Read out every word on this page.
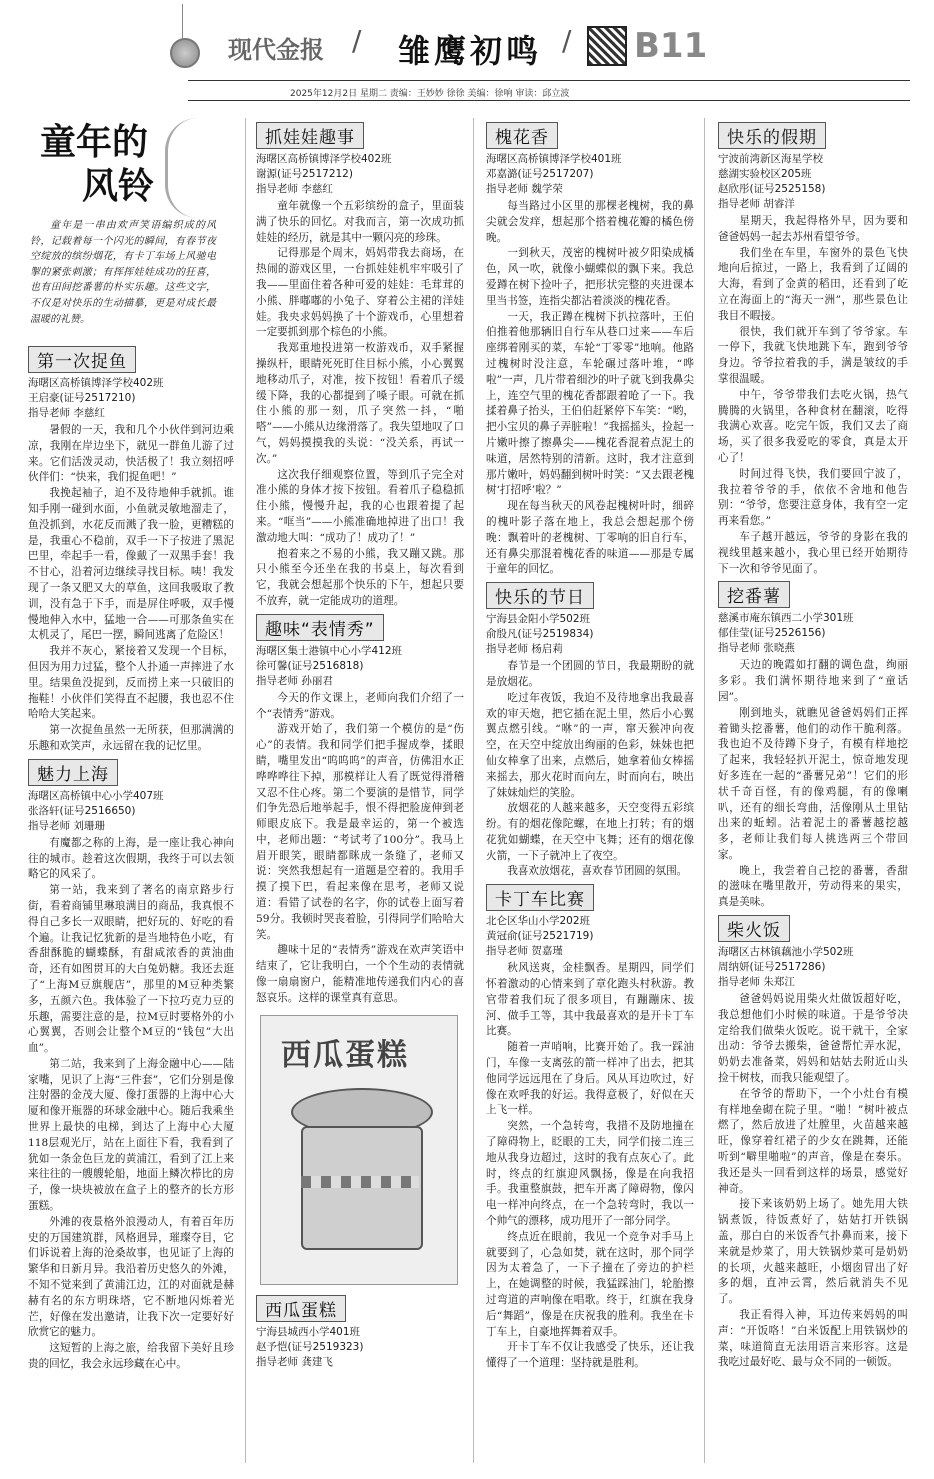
现代金报 / 雏鹰初鸣 / B11
2025年12月2日 星期二 责编：王妙妙 徐徐 美编：徐响 审读：邱立波
童年的
风铃

童年是一串由欢声笑语编织成的风铃，记载着每一个闪光的瞬间，有春节夜空绽放的缤纷烟花，有卡丁车场上风驰电掣的紧张刺激；有挥挥娃娃成功的狂喜，也有田间挖番薯的朴实乐趣。这些文字，不仅是对快乐的生动描摹，更是对成长最温暖的礼赞。

第一次捉鱼
海曙区高桥镇博泽学校402班
王启豪(证号2517210)
指导老师 李慈红

暑假的一天，我和几个小伙伴到河边乘凉，我刚在岸边坐下，就见一群鱼儿游了过来。它们活泼灵动，快活极了！我立刻招呼伙伴们：“快来，我们捉鱼吧！”

我挽起袖子，迫不及待地伸手就抓。谁知手刚一碰到水面，小鱼就灵敏地溜走了，鱼没抓到，水花反而溅了我一脸，更糟糕的是，我重心不稳前，双手一下子按进了黑泥巴里，牵起手一看，像戴了一双黑手套！我不甘心，沿着河边继续寻找目标。咦！我发现了一条又肥又大的草鱼，这回我吸取了教训，没有急于下手，而是屏住呼吸，双手慢慢地伸入水中，猛地一合——可那条鱼实在太机灵了，尾巴一摆，瞬间逃离了危险区！

我并不灰心，紧接着又发现一个目标，但因为用力过猛，整个人扑通一声摔进了水里。结果鱼没捉到，反而捞上来一只破旧的拖鞋！小伙伴们笑得直不起腰，我也忍不住哈哈大笑起来。

第一次捉鱼虽然一无所获，但那满满的乐趣和欢笑声，永远留在我的记忆里。

魅力上海
海曙区高桥镇中心小学407班
张洛轩(证号2516650)
指导老师 刘珊珊

有魔都之称的上海，是一座让我心神向往的城市。趁着这次假期，我终于可以去领略它的风采了。

第一站，我来到了著名的南京路步行街，看着商铺里琳琅满目的商品，我真恨不得自己多长一双眼睛，把好玩的、好吃的看个遍。让我记忆犹新的是当地特色小吃，有香甜酥脆的蝴蝶酥，有甜咸浓香的黄油曲奇，还有如图贯耳的大白兔奶糖。我还去逛了“上海M豆旗舰店”，那里的M豆种类繁多，五颜六色。我体验了一下拉巧克力豆的乐趣，需要注意的是，拉M豆时要格外的小心翼翼，否则会让整个M豆的“钱包”大出血”。

第二站，我来到了上海金融中心——陆家嘴，见识了上海“三件套”，它们分别是像注射器的金茂大厦、像打蛋器的上海中心大厦和像开瓶器的环球金融中心。随后我乘坐世界上最快的电梯，到达了上海中心大厦118层观光厅，站在上面往下看，我看到了犹如一条金色巨龙的黄浦江，看到了江上来来往往的一艘艘轮船，地面上鳞次栉比的房子，像一块块被放在盒子上的整齐的长方形蛋糕。

外滩的夜景格外浪漫动人，有着百年历史的万国建筑群，风格迥异，璀璨夺目，它们诉说着上海的沧桑故事，也见证了上海的繁华和日新月异。我沿着历史悠久的外滩，不知不觉来到了黄浦江边，江的对面就是赫赫有名的东方明珠塔，它不断地闪烁着光芒，好像在发出邀请，让我下次一定要好好欣赏它的魅力。

这短暂的上海之旅，给我留下美好且珍贵的回忆，我会永远珍藏在心中。

抓娃娃趣事
海曙区高桥镇博泽学校402班
谢源(证号2517212)
指导老师 李慈红

童年就像一个五彩缤纷的盒子，里面装满了快乐的回忆。对我而言，第一次成功抓娃娃的经历，就是其中一颗闪亮的珍珠。

记得那是个周末，妈妈带我去商场，在热闹的游戏区里，一台抓娃娃机牢牢吸引了我——里面住着各种可爱的娃娃：毛茸茸的小熊、胖嘟嘟的小兔子、穿着公主裙的洋娃娃。我央求妈妈换了十个游戏币，心里想着一定要抓到那个棕色的小熊。

我郑重地投进第一枚游戏币，双手紧握操纵杆，眼睛死死盯住目标小熊，小心翼翼地移动爪子，对准，按下按钮！看着爪子缓缓下降，我的心都提到了嗓子眼。可就在抓住小熊的那一刻，爪子突然一抖，“啪嗒”——小熊从边缘滑落了。我失望地叹了口气，妈妈摸摸我的头说：“没关系，再试一次。”

这次我仔细观察位置，等到爪子完全对准小熊的身体才按下按钮。看着爪子稳稳抓住小熊，慢慢升起，我的心也跟着提了起来。“哐当”——小熊准确地掉进了出口！我激动地大叫：“成功了！成功了！”

抱着来之不易的小熊，我又蹦又跳。那只小熊至今还坐在我的书桌上，每次看到它，我就会想起那个快乐的下午，想起只要不放弃，就一定能成功的道理。

趣味“表情秀”
海曙区集士港镇中心小学412班
徐可馨(证号2516818)
指导老师 孙丽君

今天的作文课上，老师向我们介绍了一个“表情秀”游戏。

游戏开始了，我们第一个模仿的是“伤心”的表情。我和同学们把手握成拳，揉眼睛，嘴里发出“呜呜呜”的声音，仿佛泪水正哗哗哗往下掉，那模样让人看了既觉得滑稽又忍不住心疼。第二个要演的是惜节，同学们争先恐后地举起手，恨不得把脸庞伸到老师眼皮底下。我是最幸运的，第一个被选中，老师出题：“考试考了100分”。我马上眉开眼笑，眼睛都眯成一条缝了，老师又说：突然我想起有一道题是空着的。我用手摸了摸下巴，看起来像在思考，老师又说道：看错了试卷的名字，你的试卷上面写着59分。我顿时哭丧着脸，引得同学们哈哈大笑。

趣味十足的“表情秀”游戏在欢声笑语中结束了，它让我明白，一个个生动的表情就像一扇扇窗户，能精准地传递我们内心的喜怒哀乐。这样的课堂真有意思。

西瓜蛋糕
西瓜蛋糕
宁海县城西小学401班
赵予恺(证号2519323)
指导老师 龚建飞
槐花香
海曙区高桥镇博泽学校401班
邓嘉潞(证号2517207)
指导老师 魏学荣

每当路过小区里的那棵老槐树，我的鼻尖就会发痒，想起那个搭着槐花瓣的橘色傍晚。

一到秋天，茂密的槐树叶被夕阳染成橘色，风一吹，就像小蝴蝶似的飘下来。我总爱蹲在树下捡叶子，把形状完整的夹进课本里当书签，连指尖都沾着淡淡的槐花香。

一天，我正蹲在槐树下扒拉落叶，王伯伯推着他那辆旧自行车从巷口过来——车后座绑着刚买的菜，车轮“丁零零”地响。他路过槐树时没注意，车轮碾过落叶堆，“哗啦”一声，几片带着细沙的叶子就飞到我鼻尖上，连空气里的槐花香都跟着呛了一下。我揉着鼻子抬头，王伯伯赶紧停下车笑：“哟，把小宝贝的鼻子弄脏啦！”我摇摇头，捡起一片嫩叶擦了擦鼻尖——槐花香混着点泥土的味道，居然特别的清新。这时，我才注意到那片嫩叶，妈妈翻到树叶时笑：“又去跟老槐树‘打招呼’啦？”

现在每当秋天的风卷起槐树叶时，细碎的槐叶影子落在地上，我总会想起那个傍晚：飘着叶的老槐树、丁零响的旧自行车，还有鼻尖那混着槐花香的味道——那是专属于童年的回忆。

快乐的节日
宁海县金阳小学502班
俞殷凡(证号2519834)
指导老师 杨启莉

春节是一个团圆的节日，我最期盼的就是放烟花。

吃过年夜饭，我迫不及待地拿出我最喜欢的审天炮，把它插在泥土里，然后小心翼翼点燃引线。“咻”的一声，窜天猴冲向夜空，在天空中绽放出绚丽的色彩，妹妹也把仙女棒拿了出来，点燃后，她拿着仙女棒摇来摇去，那火花时而向左，时而向右，映出了妹妹灿烂的笑脸。

放烟花的人越来越多，天空变得五彩缤纷。有的烟花像陀螺，在地上打转；有的烟花犹如蝴蝶，在天空中飞舞；还有的烟花像火箭，一下子就冲上了夜空。

我喜欢放烟花，喜欢春节团圆的氛围。

卡丁车比赛
北仑区华山小学202班
黄冠俞(证号2521719)
指导老师 贺嘉瑾

秋风送爽，金桂飘香。星期四，同学们怀着激动的心情来到了章化跑头村秋游。教官带着我们玩了很多项目，有蹦蹦床、拔河、做手工等，其中我最喜欢的是开卡丁车比赛。

随着一声哨响，比赛开始了。我一踩油门，车像一支离弦的箭一样冲了出去，把其他同学远远甩在了身后。风从耳边吹过，好像在欢呼我的好运。我得意极了，好似在天上飞一样。

突然，一个急转弯，我措不及防地撞在了障碍物上，眨眼的工夫，同学们接二连三地从我身边超过，这时的我有点灰心了。此时，终点的红旗迎风飘扬，像是在向我招手。我重整旗鼓，把车开离了障碍物，像闪电一样冲向终点，在一个急转弯时，我以一个帅气的漂移，成功甩开了一部分同学。

终点近在眼前，我见一个竞争对手马上就要到了，心急如焚，就在这时，那个同学因为太着急了，一下子撞在了旁边的护栏上，在她调整的时候，我猛踩油门，轮胎擦过弯道的声响像在唱歌。终于，红旗在我身后“舞蹈”，像是在庆祝我的胜利。我坐在卡丁车上，自豪地挥舞着双手。

开卡丁车不仅让我感受了快乐，还让我懂得了一个道理：坚持就是胜利。

快乐的假期
宁波前湾新区海星学校
慈湖实验校区205班
赵欣彤(证号2525158)
指导老师 胡睿洋

星期天，我起得格外早，因为要和爸爸妈妈一起去苏州看望爷爷。

我们坐在车里，车窗外的景色飞快地向后掠过，一路上，我看到了辽阔的大海，看到了金黄的稻田，还看到了屹立在海面上的“海天一洲”，那些景色让我目不暇接。

很快，我们就开车到了爷爷家。车一停下，我就飞快地跳下车，跑到爷爷身边。爷爷拉着我的手，满是皱纹的手掌很温暖。

中午，爷爷带我们去吃火锅，热气腾腾的火锅里，各种食材在翻滚，吃得我满心欢喜。吃完午饭，我们又去了商场，买了很多我爱吃的零食，真是太开心了！

时间过得飞快，我们要回宁波了，我拉着爷爷的手，依依不舍地和他告别：“爷爷，您要注意身体，我有空一定再来看您。”

车子越开越远，爷爷的身影在我的视线里越来越小，我心里已经开始期待下一次和爷爷见面了。

挖番薯
慈溪市庵东镇西二小学301班
郁佳莹(证号2526156)
指导老师 张晓燕

天边的晚霞如打翻的调色盘，绚丽多彩。我们满怀期待地来到了“童话园”。

刚到地头，就瞧见爸爸妈妈们正挥着锄头挖番薯，他们的动作干脆利落。我也迫不及待蹲下身子，有模有样地挖了起来，我轻轻扒开泥土，惊奇地发现好多连在一起的“番薯兄弟”！它们的形状千奇百怪，有的像鸡腿，有的像喇叭，还有的细长弯曲，活像刚从土里钻出来的蚯蚓。沾着泥土的番薯越挖越多，老师让我们每人挑选两三个带回家。

晚上，我尝着自己挖的番薯，香甜的滋味在嘴里散开，劳动得来的果实，真是美味。

柴火饭
海曙区古林镇藕池小学502班
周纳妍(证号2517286)
指导老师 朱郑江

爸爸妈妈说用柴火灶做饭超好吃，我总想他们小时候的味道。于是爷爷决定给我们做柴火饭吃。说干就干，全家出动：爷爷去搬柴，爸爸帮忙弄水泥，奶奶去准备菜，妈妈和姑姑去附近山头捡干树枝，而我只能观望了。

在爷爷的帮助下，一个小灶台有模有样地垒砌在院子里。“啪！”树叶被点燃了，然后放进了灶膛里，火苗越来越旺，像穿着红裙子的少女在跳舞，还能听到“噼里啪啦”的声音，像是在奏乐。我还是头一回看到这样的场景，感觉好神奇。

接下来该奶奶上场了。她先用大铁锅煮饭，待饭煮好了，姑姑打开铁锅盖，那白白的米饭香气扑鼻而来，接下来就是炒菜了，用大铁锅炒菜可是奶奶的长项，火越来越旺，小烟囱冒出了好多的烟，直冲云霄，然后就消失不见了。

我正看得入神，耳边传来妈妈的叫声：“开饭咯！”白米饭配上用铁锅炒的菜，味道简直无法用语言来形容。这是我吃过最好吃、最与众不同的一顿饭。
